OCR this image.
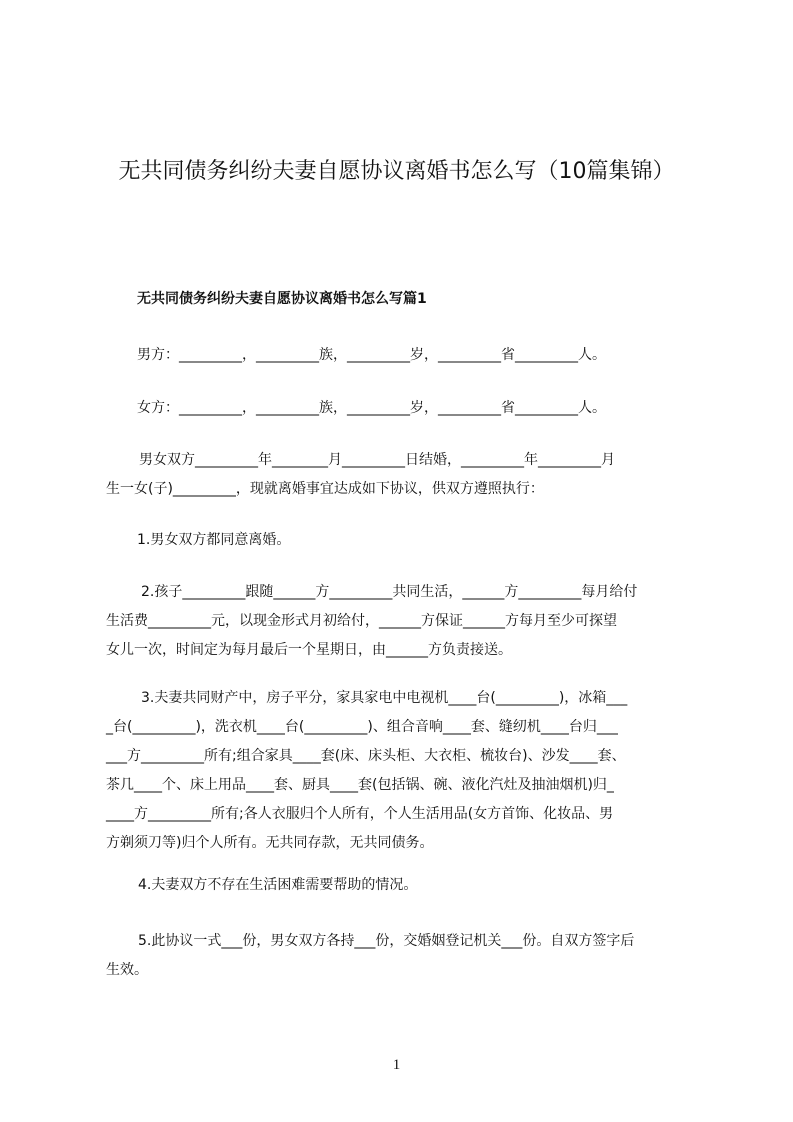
无共同债务纠纷夫妻自愿协议离婚书怎么写（10篇集锦）
无共同债务纠纷夫妻自愿协议离婚书怎么写篇1
男方：_________，_________族，_________岁，_________省_________人。
女方：_________，_________族，_________岁，_________省_________人。
男女双方_________年________月_________日结婚，_________年_________月
生一女(子)_________，现就离婚事宜达成如下协议，供双方遵照执行：
1.男女双方都同意离婚。
2.孩子_________跟随______方_________共同生活，______方_________每月给付
生活费_________元，以现金形式月初给付，______方保证______方每月至少可探望
女儿一次，时间定为每月最后一个星期日，由______方负责接送。
3.夫妻共同财产中，房子平分，家具家电中电视机____台(_________)，冰箱___
_台(_________)，洗衣机____台(_________)、组合音响____套、缝纫机____台归___
___方_________所有;组合家具____套(床、床头柜、大衣柜、梳妆台)、沙发____套、
茶几____个、床上用品____套、厨具____套(包括锅、碗、液化汽灶及抽油烟机)归_
____方_________所有;各人衣服归个人所有，个人生活用品(女方首饰、化妆品、男
方剃须刀等)归个人所有。无共同存款，无共同债务。
4.夫妻双方不存在生活困难需要帮助的情况。
5.此协议一式___份，男女双方各持___份，交婚姻登记机关___份。自双方签字后
生效。
1
